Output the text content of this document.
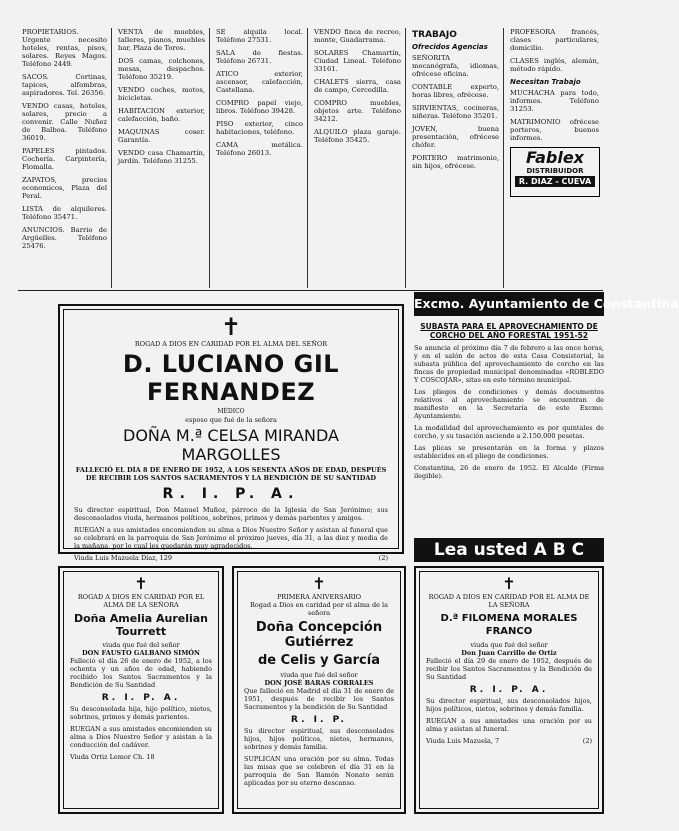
PROPIETARIOS. Urgente necesito hoteles, rentas, pisos, solares. Reyes Magos. Teléfono 2449.

SACOS. Cortinas, tapices, alfombras, aspiradores. Tel. 26356.

VENDO casas, hoteles, solares, precio a convenir. Calle Nuñez de Balboa. Teléfono 36019.

PAPELES pintados. Cochería. Carpintería, Flomalla.

ZAPATOS, precios economicos, Plaza del Peral.

LISTA de alquileres. Teléfono 35471.

ANUNCIOS. Barrio de Argüelles. Teléfono 25476.

VENTA de muebles, talleres, pianos, muebles bar, Plaza de Toros.

DOS camas, colchones, mesas, despachos. Teléfono 35219.

VENDO coches, motos, bicicletas.

HABITACION exterior, calefacción, baño.

MAQUINAS coser. Garantía.

VENDO casa Chamartín, jardín. Teléfono 31255.

SE alquila local. Teléfono 27531.

SALA de fiestas. Teléfono 26731.

ATICO exterior, ascensor, calefacción, Castellana.

COMPRO papel viejo, libros. Teléfono 39428.

PISO exterior, cinco habitaciones, teléfono.

CAMA metálica. Teléfono 26013.

VENDO finca de recreo, monte, Guadarrama.

SOLARES Chamartín, Ciudad Lineal. Teléfono 33161.

CHALETS sierra, casa de campo, Cercedilla.

COMPRO muebles, objetos arte. Teléfono 34212.

ALQUILO plaza garaje. Teléfono 35425.

TRABAJO
Ofrecidos Agencias

SEÑORITA mecanógrafa, idiomas, ofrécese oficina.

CONTABLE experto, horas libres, ofrécese.

SIRVIENTAS, cocineras, niñeras. Teléfono 35201.

JOVEN, buena presentación, ofrécese chófer.

PORTERO matrimonio, sin hijos, ofrécese.

PROFESORA francés, clases particulares, domicilio.

CLASES inglés, alemán, método rápido.

Necesitan Trabajo

MUCHACHA para todo, informes. Teléfono 31253.

MATRIMONIO ofrécese porteros, buenos informes.

Fablex
DISTRIBUIDOR
R. DIAZ - CUEVA
✝
ROGAD A DIOS EN CARIDAD POR EL ALMA DEL SEÑOR
D. LUCIANO GIL FERNANDEZ
MÉDICO
esposo que fué de la señora
DOÑA M.ª CELSA MIRANDA MARGOLLES
FALLECIÓ EL DÍA 8 DE ENERO DE 1952, A LOS SESENTA AÑOS DE EDAD, DESPUÉS DE RECIBIR LOS SANTOS SACRAMENTOS Y LA BENDICIÓN DE SU SANTIDAD
R. I. P. A.

Su director espiritual, Don Manuel Muñoz, párroco de la Iglesia de San Jerónimo; sus desconsolados viuda, hermanos políticos, sobrinos, primos y demás parientes y amigos.

RUEGAN a sus amistades encomienden su alma a Dios Nuestro Señor y asistan al funeral que se celebrará en la parroquia de San Jerónimo el próximo jueves, día 31, a las diez y media de la mañana, por lo cual les quedarán muy agradecidos.

Viuda Luis Mazuela Díaz, 129	(2)
Excmo. Ayuntamiento de Constantina
SUBASTA PARA EL APROVECHAMIENTO DE CORCHO DEL AÑO FORESTAL 1951-52

Se anuncia el próximo día 7 de febrero a las once horas, y en el salón de actos de esta Casa Consistorial, la subasta pública del aprovechamiento de corcho en las fincas de propiedad municipal denominadas «ROBLEDO Y COSCOJAR», sitas en este término municipal.

Los pliegos de condiciones y demás documentos relativos al aprovechamiento se encuentran de manifiesto en la Secretaría de este Excmo. Ayuntamiento.

La modalidad del aprovechamiento es por quintales de corcho, y su tasación asciende a 2.150.000 pesetas.

Las plicas se presentarán en la forma y plazos establecidos en el pliego de condiciones.

Constantina, 26 de enero de 1952. El Alcalde (Firma ilegible).

Lea usted A B C
✝
ROGAD A DIOS EN CARIDAD POR EL ALMA DE LA SEÑORA
Doña Amelia Aurelian Tourrett
viuda que fué del señor
DON FAUSTO GALBANO SIMÓN

Falleció el día 26 de enero de 1952, a los ochenta y un años de edad, habiendo recibido los Santos Sacramentos y la Bendición de Su Santidad

R. I. P. A.

Su desconsolada hija, hijo político, nietos, sobrinos, primos y demás parientes.

RUEGAN a sus amistades encomienden su alma a Dios Nuestro Señor y asistan a la conducción del cadáver.

Viuda Ortiz Lemor Ch. 18
✝
PRIMERA ANIVERSARIO
Rogad a Dios en caridad por el alma de la señora
Doña Concepción Gutiérrez
de Celis y García
viuda que fué del señor
DON JOSÉ BARAS CORRALES

Que falleció en Madrid el día 31 de enero de 1951, después de recibir los Santos Sacramentos y la bendición de Su Santidad

R. I. P.

Su director espiritual, sus desconsolados hijos, hijos políticos, nietos, hermanos, sobrinos y demás familia.

SUPLICAN una oración por su alma. Todas las misas que se celebren el día 31 en la parroquia de San Ramón Nonato serán aplicadas por su eterno descanso.

✝
ROGAD A DIOS EN CARIDAD POR EL ALMA DE LA SEÑORA
D.ª FILOMENA MORALES FRANCO
viuda que fué del señor
Don Juan Carrillo de Ortiz

Falleció el día 29 de enero de 1952, después de recibir los Santos Sacramentos y la Bendición de Su Santidad

R. I. P. A.

Su director espiritual, sus desconsolados hijos, hijos políticos, nietos, sobrinos y demás familia.

RUEGAN a sus amistades una oración por su alma y asistan al funeral.

Viuda Luis Mazuela, 7	(2)
